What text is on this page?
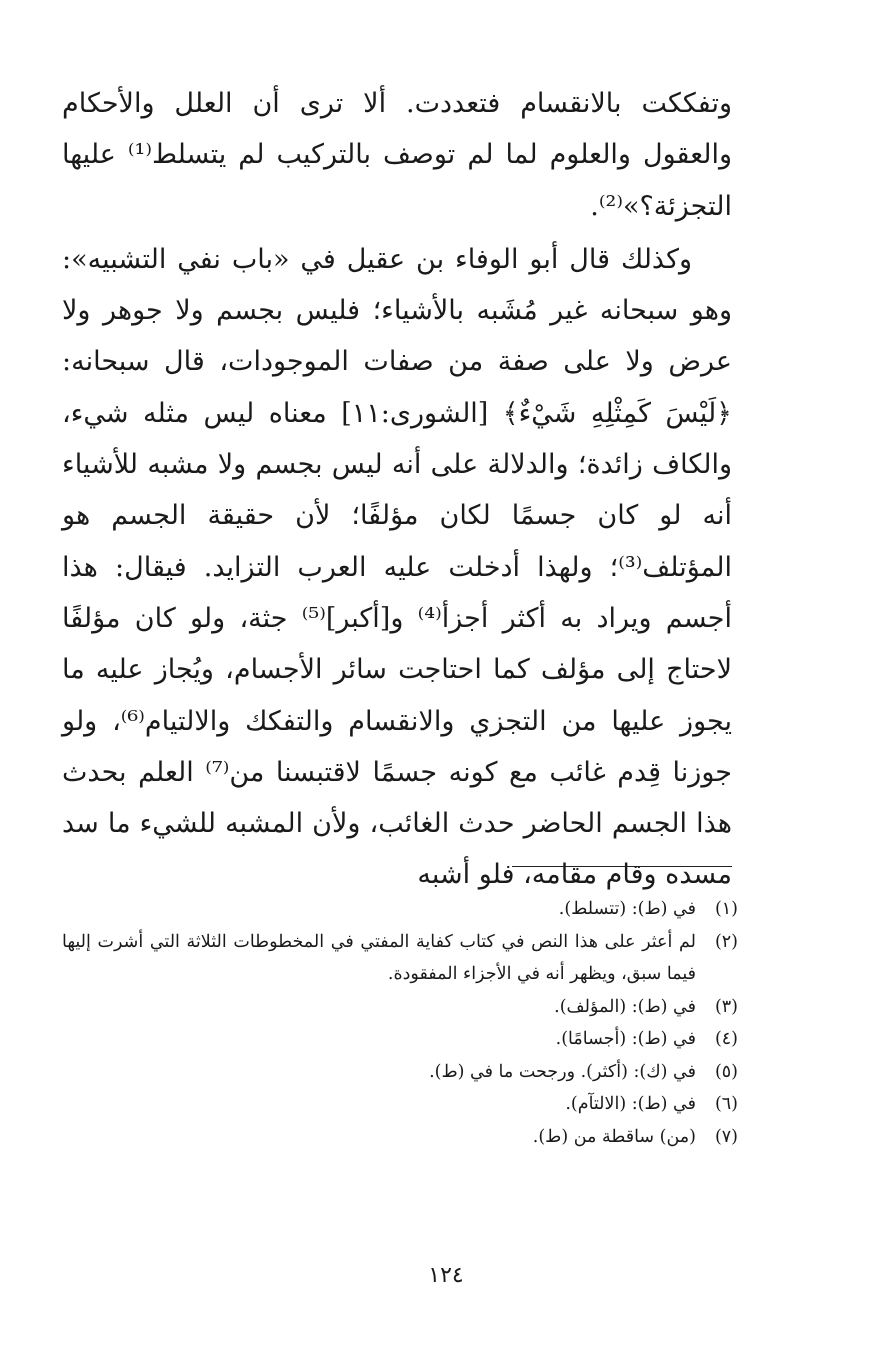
وتفككت بالانقسام فتعددت. ألا ترى أن العلل والأحكام والعقول والعلوم لما لم توصف بالتركيب لم يتسلط⁽¹⁾ عليها التجزئة؟»⁽²⁾.

وكذلك قال أبو الوفاء بن عقيل في «باب نفي التشبيه»: وهو سبحانه غير مُشَبه بالأشياء؛ فليس بجسم ولا جوهر ولا عرض ولا على صفة من صفات الموجودات، قال سبحانه: ﴿لَيْسَ كَمِثْلِهِ شَيْءٌ﴾ [الشورى:١١] معناه ليس مثله شيء، والكاف زائدة؛ والدلالة على أنه ليس بجسم ولا مشبه للأشياء أنه لو كان جسمًا لكان مؤلفًا؛ لأن حقيقة الجسم هو المؤتلف⁽³⁾؛ ولهذا أدخلت عليه العرب التزايد. فيقال: هذا أجسم ويراد به أكثر أجزأ⁽⁴⁾ و[أكبر]⁽⁵⁾ جثة، ولو كان مؤلفًا لاحتاج إلى مؤلف كما احتاجت سائر الأجسام، ويُجاز عليه ما يجوز عليها من التجزي والانقسام والتفكك والالتيام⁽⁶⁾، ولو جوزنا قِدم غائب مع كونه جسمًا لاقتبسنا من⁽⁷⁾ العلم بحدث هذا الجسم الحاضر حدث الغائب، ولأن المشبه للشيء ما سد مسده وقام مقامه، فلو أشبه

(١)
في (ط): (تتسلط).
(٢)
لم أعثر على هذا النص في كتاب كفاية المفتي في المخطوطات الثلاثة التي أشرت إليها فيما سبق، ويظهر أنه في الأجزاء المفقودة.
(٣)
في (ط): (المؤلف).
(٤)
في (ط): (أجسامًا).
(٥)
في (ك): (أكثر). ورجحت ما في (ط).
(٦)
في (ط): (الالتآم).
(٧)
(من) ساقطة من (ط).
١٢٤
